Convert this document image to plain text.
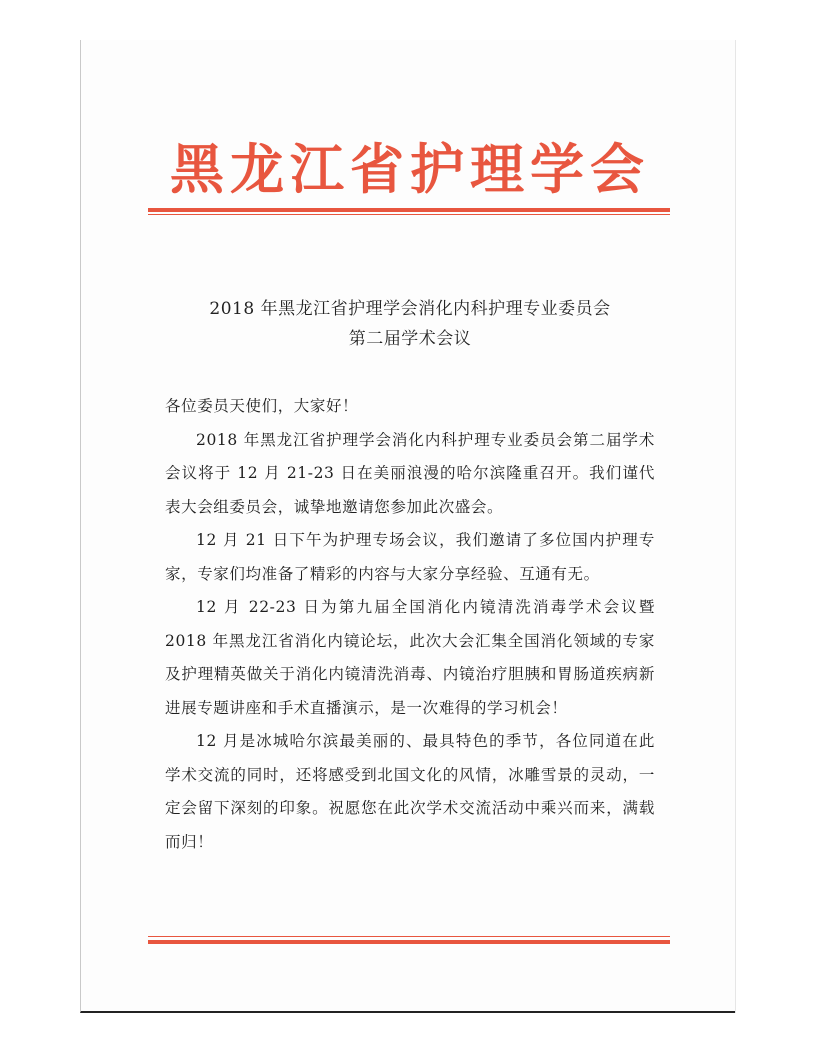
黑龙江省护理学会
2018 年黑龙江省护理学会消化内科护理专业委员会
第二届学术会议

各位委员天使们，大家好！

2018 年黑龙江省护理学会消化内科护理专业委员会第二届学术会议将于 12 月 21-23 日在美丽浪漫的哈尔滨隆重召开。我们谨代表大会组委员会，诚挚地邀请您参加此次盛会。

12 月 21 日下午为护理专场会议，我们邀请了多位国内护理专家，专家们均准备了精彩的内容与大家分享经验、互通有无。

12 月 22-23 日为第九届全国消化内镜清洗消毒学术会议暨 2018 年黑龙江省消化内镜论坛，此次大会汇集全国消化领域的专家及护理精英做关于消化内镜清洗消毒、内镜治疗胆胰和胃肠道疾病新进展专题讲座和手术直播演示，是一次难得的学习机会！

12 月是冰城哈尔滨最美丽的、最具特色的季节，各位同道在此学术交流的同时，还将感受到北国文化的风情，冰雕雪景的灵动，一定会留下深刻的印象。祝愿您在此次学术交流活动中乘兴而来，满载而归！
